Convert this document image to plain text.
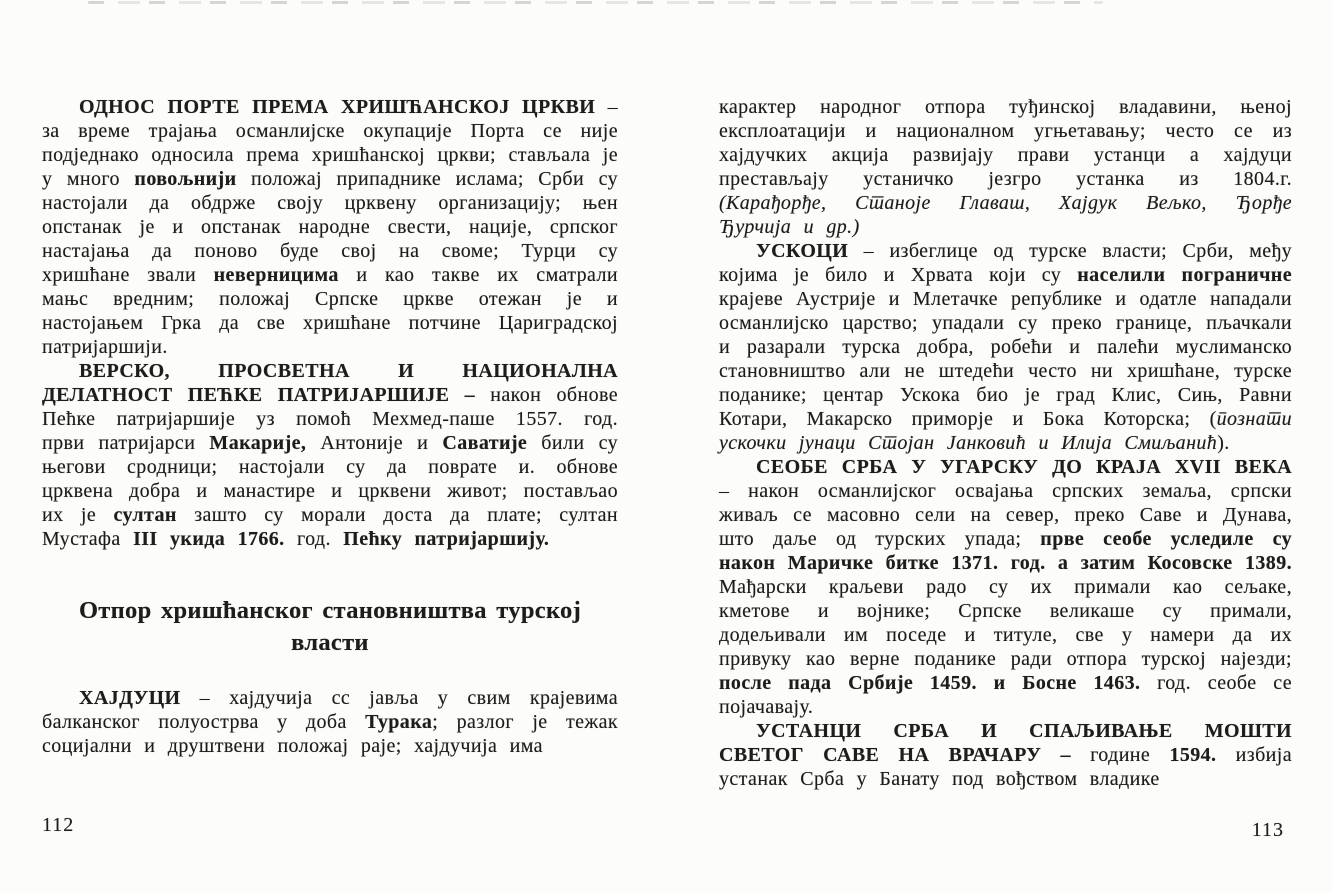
ОДНОС ПОРТЕ ПРЕМА ХРИШЋАНСКОЈ ЦРКВИ – за време трајања османлијске окупације Порта се није подједнако односила према хришћанској цркви; стављала је у много повољнији положај припаднике ислама; Срби су настојали да обдрже своју црквену организацију; њен опстанак је и опстанак народне свести, нације, српског настајања да поново буде свој на своме; Турци су хришћане звали неверницима и као такве их сматрали мањс вредним; положај Српске цркве отежан је и настојањем Грка да све хришћане потчине Цариградској патријаршији.

ВЕРСКО, ПРОСВЕТНА И НАЦИОНАЛНА ДЕЛАТНОСТ ПЕЋКЕ ПАТРИЈАРШИЈЕ – након обнове Пећке патријаршије уз помоћ Мехмед-паше 1557. год. први патријарси Макарије, Антоније и Саватије били су његови сродници; настојали су да поврате и. обнове црквена добра и манастире и црквени живот; постављао их је султан зашто су морали доста да плате; султан Мустафа III укида 1766. год. Пећку патријаршију.

Отпор хришћанског становништва турској
власти

ХАЈДУЦИ – хајдучија сс јавља у свим крајевима балканског полуострва у доба Турака; разлог је тежак социјални и друштвени положај раје; хајдучија има

карактер народног отпора туђинској владавини, њеној експлоатацији и националном угњетавању; често се из хајдучких акција развијају прави устанци а хајдуци престављају устаничко језгро устанка из 1804.г. (Карађорђе, Станоје Главаш, Хајдук Вељко, Ђорђе Ђурчија и др.)

УСКОЦИ – избеглице од турске власти; Срби, међу којима је било и Хрвата који су населили пограничне крајеве Аустрије и Млетачке републике и одатле нападали османлијско царство; упадали су преко границе, пљачкали и разарали турска добра, робећи и палећи муслиманско становништво али не штедећи често ни хришћане, турске поданике; центар Ускока био је град Клис, Сињ, Равни Котари, Макарско приморје и Бока Которска; (познати ускочки јунаци Стојан Јанковић и Илија Смиљанић).

СЕОБЕ СРБА У УГАРСКУ ДО КРАЈА XVII ВЕКА – након османлијског освајања српских земаља, српски живаљ се масовно сели на север, преко Саве и Дунава, што даље од турских упада; прве сеобе уследиле су након Маричке битке 1371. год. а затим Косовске 1389. Мађарски краљеви радо су их примали као сељаке, кметове и војнике; Српске великаше су примали, додељивали им поседе и титуле, све у намери да их привуку као верне поданике ради отпора турској најезди; после пада Србије 1459. и Босне 1463. год. сеобе се појачавају.

УСТАНЦИ СРБА И СПАЉИВАЊЕ МОШТИ СВЕТОГ САВЕ НА ВРАЧАРУ – године 1594. избија устанак Срба у Банату под вођством владике

112	113
